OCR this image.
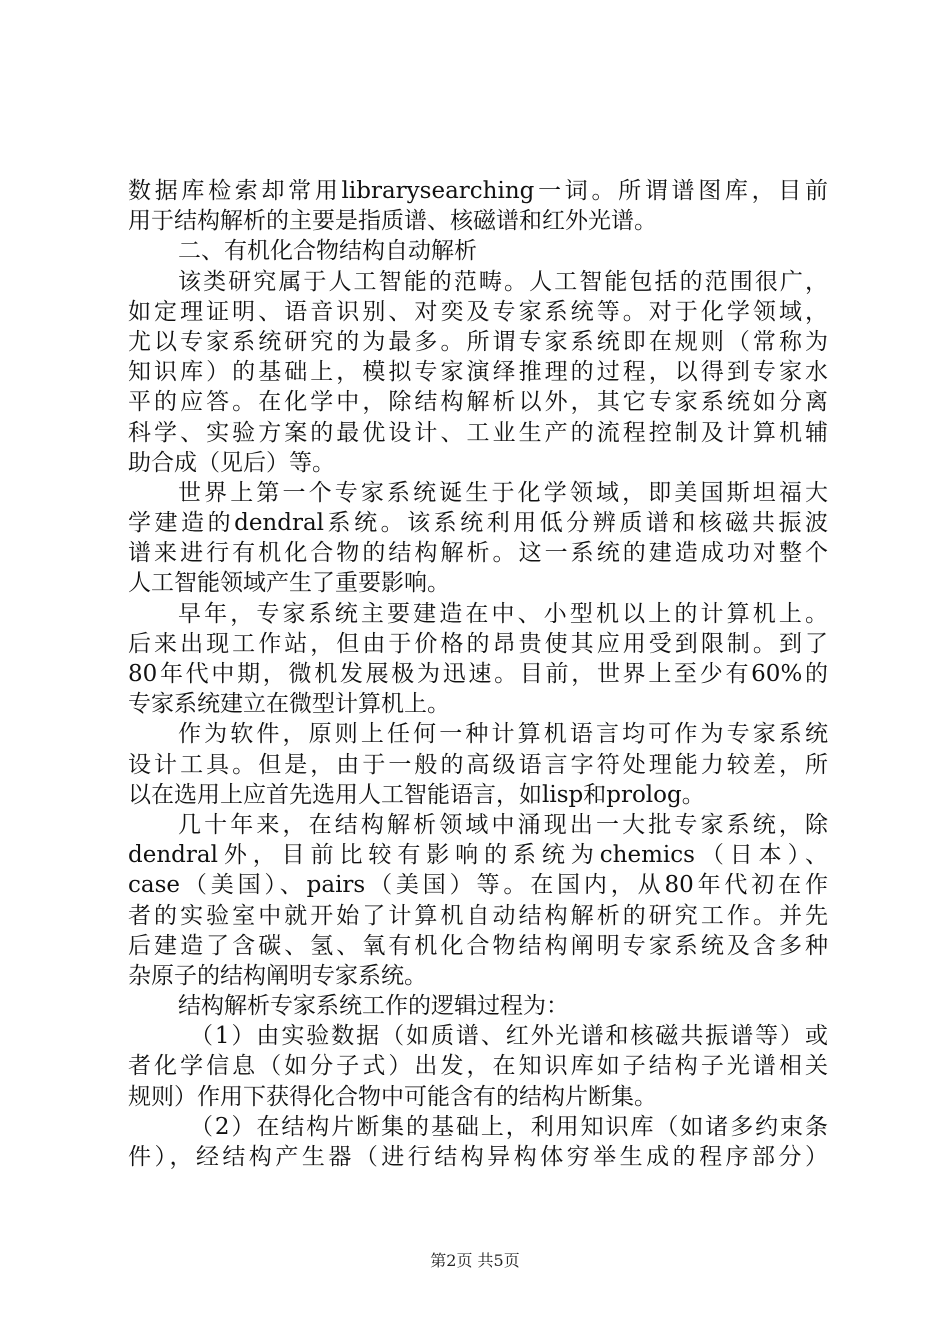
数据库检索却常用librarysearching一词。所谓谱图库，目前
用于结构解析的主要是指质谱、核磁谱和红外光谱。
二、有机化合物结构自动解析
该类研究属于人工智能的范畴。人工智能包括的范围很广，
如定理证明、语音识别、对奕及专家系统等。对于化学领域，
尤以专家系统研究的为最多。所谓专家系统即在规则（常称为
知识库）的基础上，模拟专家演绎推理的过程，以得到专家水
平的应答。在化学中，除结构解析以外，其它专家系统如分离
科学、实验方案的最优设计、工业生产的流程控制及计算机辅
助合成（见后）等。
世界上第一个专家系统诞生于化学领域，即美国斯坦福大
学建造的dendral系统。该系统利用低分辨质谱和核磁共振波
谱来进行有机化合物的结构解析。这一系统的建造成功对整个
人工智能领域产生了重要影响。
早年，专家系统主要建造在中、小型机以上的计算机上。
后来出现工作站，但由于价格的昂贵使其应用受到限制。到了
80年代中期，微机发展极为迅速。目前，世界上至少有60%的
专家系统建立在微型计算机上。
作为软件，原则上任何一种计算机语言均可作为专家系统
设计工具。但是，由于一般的高级语言字符处理能力较差，所
以在选用上应首先选用人工智能语言，如lisp和prolog。
几十年来，在结构解析领域中涌现出一大批专家系统，除
dendral外，目前比较有影响的系统为chemics（日本）、
case（美国）、pairs（美国）等。在国内，从80年代初在作
者的实验室中就开始了计算机自动结构解析的研究工作。并先
后建造了含碳、氢、氧有机化合物结构阐明专家系统及含多种
杂原子的结构阐明专家系统。
结构解析专家系统工作的逻辑过程为：
（1）由实验数据（如质谱、红外光谱和核磁共振谱等）或
者化学信息（如分子式）出发，在知识库如子结构子光谱相关
规则）作用下获得化合物中可能含有的结构片断集。
（2）在结构片断集的基础上，利用知识库（如诸多约束条
件），经结构产生器（进行结构异构体穷举生成的程序部分）
第2页 共5页
